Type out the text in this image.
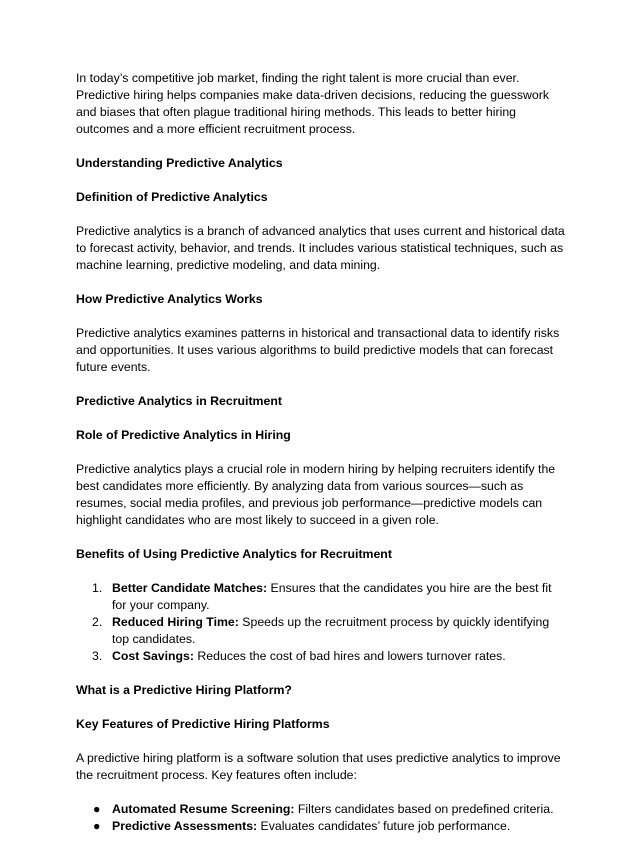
In today’s competitive job market, finding the right talent is more crucial than ever. Predictive hiring helps companies make data-driven decisions, reducing the guesswork and biases that often plague traditional hiring methods. This leads to better hiring outcomes and a more efficient recruitment process.

Understanding Predictive Analytics

Definition of Predictive Analytics

Predictive analytics is a branch of advanced analytics that uses current and historical data to forecast activity, behavior, and trends. It includes various statistical techniques, such as machine learning, predictive modeling, and data mining.

How Predictive Analytics Works

Predictive analytics examines patterns in historical and transactional data to identify risks and opportunities. It uses various algorithms to build predictive models that can forecast future events.

Predictive Analytics in Recruitment

Role of Predictive Analytics in Hiring

Predictive analytics plays a crucial role in modern hiring by helping recruiters identify the best candidates more efficiently. By analyzing data from various sources—such as resumes, social media profiles, and previous job performance—predictive models can highlight candidates who are most likely to succeed in a given role.

Benefits of Using Predictive Analytics for Recruitment

1. Better Candidate Matches: Ensures that the candidates you hire are the best fit for your company.
2. Reduced Hiring Time: Speeds up the recruitment process by quickly identifying top candidates.
3. Cost Savings: Reduces the cost of bad hires and lowers turnover rates.

What is a Predictive Hiring Platform?

Key Features of Predictive Hiring Platforms

A predictive hiring platform is a software solution that uses predictive analytics to improve the recruitment process. Key features often include:

● Automated Resume Screening: Filters candidates based on predefined criteria.
● Predictive Assessments: Evaluates candidates’ future job performance.
